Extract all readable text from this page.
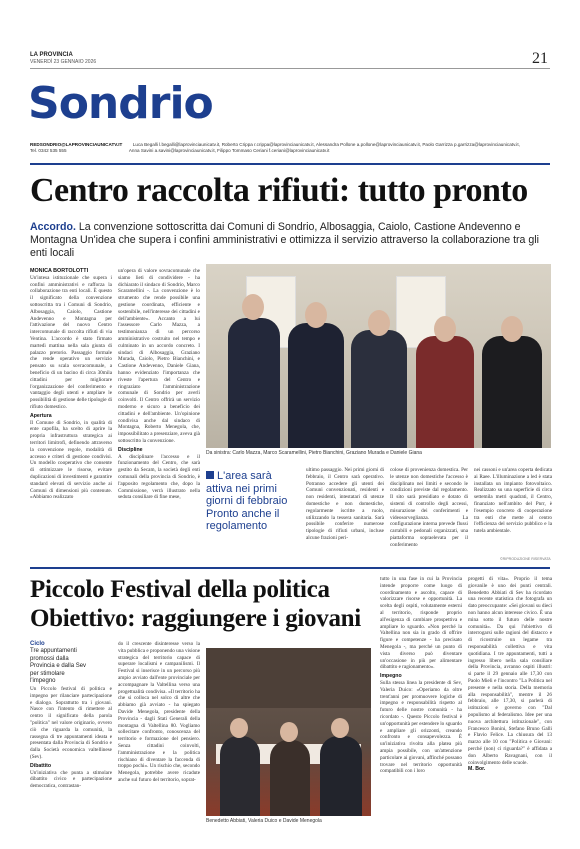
LA PROVINCIA
VENERDÌ 23 GENNAIO 2026	21
Sondrio
REDSONDRIO@LAPROVINCIAUNICATV.IT Luca Begalli l.begalli@laprovinciaunicatv.it, Roberto Crippa r.crippa@laprovinciaunicatv.it, Alessandra Pollone a.pollone@laprovinciaunicatv.it, Paolo Garrizza p.garrizza@laprovinciaunicatv.it,
Tel. 0342 535 555	Anna Savini a.savini@laprovinciaunicatv.it, Filippo Tommaso Ceriani f.ceriani@laprovinciaunicatv.it
Centro raccolta rifiuti: tutto pronto
Accordo. La convenzione sottoscritta dai Comuni di Sondrio, Albosaggia, Caiolo, Castione Andevenno e Montagna Un'idea che supera i confini amministrativi e ottimizza il servizio attraverso la collaborazione tra gli enti locali
MONICA BORTOLOTTI
Un'intesa istituzionale che supera i confini amministrativi e rafforza la collaborazione tra enti locali. È questo il significato della convenzione sottoscritta tra i Comuni di Sondrio, Albosaggia, Caiolo, Castione Andevenno e Montagna per l'attivazione del nuovo Centro intercomunale di raccolta rifiuti di via Ventina. L'accordo è stato firmato martedì mattina nella sala giunta di palazzo pretorio. Passaggio formale che rende operativo un servizio pensato su scala sovracomunale, a beneficio di un bacino di circa 30mila cittadini per migliorare l'organizzazione del conferimento e vantaggio degli utenti e ampliare le possibilità di gestione delle tipologie di rifiuto domestico.
Apertura
Il Comune di Sondrio, in qualità di ente capofila, ha scelto di aprire la propria infrastruttura strategica ai territori limitrofi, definendo attraverso la convenzione regole, modalità di accesso e criteri di gestione condivisi. Un modello cooperativo che consente di ottimizzare le risorse, evitare duplicazioni di investimenti e garantire standard elevati di servizio anche ai Comuni di dimensioni più contenute. «Abbiamo realizzato
un'opera di valore sovracomunale che siamo lieti di condividere - ha dichiarato il sindaco di Sondrio, Marco Scaramellini -. La convenzione è lo strumento che rende possibile una gestione coordinata, efficiente e sostenibile, nell'interesse dei cittadini e dell'ambiente». Accanto a lui l'assessore Carlo Mazza, a testimonianza di un percorso amministrativo costruito nel tempo e culminato in un accordo concreto. I sindaci di Albosaggia, Graziano Murada, Caiolo, Pietro Bianchini, e Castione Andevenno, Daniele Giana, hanno evidenziato l'importanza che riveste l'apertura del Centro e ringraziato l'amministrazione comunale di Sondrio per averli coinvolti. Il Centro offrirà un servizio moderno e sicuro a beneficio dei cittadini e dell'ambiente. Un'opinione condivisa anche dal sindaco di Montagna, Roberto Menegola, che, impossibilitato a presenziare, aveva già sottoscritto la convenzione.
Discipline
A disciplinare l'accesso e il funzionamento del Centro, che sarà gestito da Secam, la società degli enti comunali della provincia di Sondrio, è l'apposito regolamento che, dopo la Commissione, verrà illustrato nella seduta consiliare di fine mese,
Da sinistra: Carlo Mazza, Marco Scaramellini, Pietro Bianchini, Graziano Murada e Daniele Giana
L'area sarà attiva nei primi giorni di febbraio Pronto anche il regolamento
ultimo passaggio. Nei primi giorni di febbraio, il Centro sarà operativo. Potranno accedere gli utenti dei Comuni convenzionati, residenti e non residenti, intestatari di utenze domestiche e non domestiche, regolarmente iscritte a ruolo, utilizzando la tessera sanitaria. Sarà possibile conferire numerose tipologie di rifiuti urbani, incluse alcune frazioni peri-
colose di provenienza domestica. Per le utenze non domestiche l'accesso è disciplinato nei limiti e secondo le condizioni previste dal regolamento. Il sito sarà presidiato e dotato di sistemi di controllo degli accessi, misurazione dei conferimenti e videosorveglianza. La configurazione interna prevede flussi carrabili e pedonali organizzati, una piattaforma sopraelevata per il conferimento
nei cassoni e un'area coperta dedicata ai Raee. L'illuminazione a led è stata installata un impianto fotovoltaico. Realizzato su una superficie di circa settemila metri quadrati, il Centro, finanziato nell'ambito del Pnrr, è l'esempio concreto di cooperazione tra enti che mette al centro l'efficienza del servizio pubblico e la tutela ambientale.
©RIPRODUZIONE RISERVATA
Piccolo Festival della politica
Obiettivo: raggiungere i giovani
Ciclo
Tre appuntamenti promossi dalla Provincia e dalla Sev per stimolare l'impegno
Un Piccolo festival di politica e impegno per rilanciare partecipazione e dialogo. Soprattutto tra i giovani. Nasce con l'intento di rimettere al centro il significato della parola "politica" nel valore originario, ovvero ciò che riguarda la comunità, la rassegna di tre appuntamenti ideata e presentata dalla Provincia di Sondrio e dalla Società economica valtellinese (Sev).
Dibattito
Un'iniziativa che punta a stimolare dibattito civico e partecipazione democratica, contrastan-
do il crescente disinteresse verso la vita pubblica e proponendo una visione strategica del territorio capace di superare localismi e campanilismi. Il Festival si inserisce in un percorso più ampio avviato dall'ente provinciale per accompagnare la Valtellina verso una progettualità condivisa. «Il territorio ha che si colloca nel solco di altre che abbiamo già avviato - ha spiegato Davide Menegola, presidente della Provincia - dagli Stati Generali della montagna di Valtellina 80. Vogliamo sollecitare confronto, conoscenza del territorio e formazione del pensiero. Senza cittadini coinvolti, l'amministrazione e la politica rischiano di diventare la faccenda di troppo pochi». Un rischio che, secondo Menegola, potrebbe avere ricadute anche sul futuro del territorio, soprat-
Benedetto Abbiati, Valeria Duico e Davide Menegola
tutto in una fase in cui la Provincia intende proporre come luogo di coordinamento e ascolto, capace di valorizzare risorse e opportunità. La scelta degli ospiti, volutamente esterni al territorio, risponde proprio all'esigenza di cambiare prospettiva e ampliare lo sguardo. «Non perché la Valtellina non sia in grado di offrire figure e competenze - ha precisato Menegola -, ma perché un punto di vista diverso può diventare un'occasione in più per alimentare dibattito e ragionamento».
Impegno
Sulla stessa linea la presidente di Sev, Valeria Duico: «Operiamo da oltre trent'anni per promuovere logiche di impegno e responsabilità rispetto al futuro delle nostre comunità - ha ricordato -. Questo Piccolo festival è un'opportunità per estendere lo sguardo e ampliare gli orizzonti, creando confronto e consapevolezza. È un'iniziativa rivolta alla platea più ampia possibile, con un'attenzione particolare ai giovani, affinché possano trovare nel territorio opportunità compatibili con i loro
progetti di vita». Proprio il tema giovanile è uno dei punti centrali. Benedetto Abbiati di Sev ha ricordato una recente statistica che fotografa un dato preoccupante: «Sei giovani su dieci non hanno alcun interesse civico. È una mina sotto il futuro delle nostre comunità». Da qui l'obiettivo di interrogarsi sulle ragioni del distacco e di ricostruire un legame tra responsabilità collettiva e vita quotidiana. I tre appuntamenti, tutti a ingresso libero nella sala consiliare della Provincia, avranno ospiti illustri: si parte il 29 gennaio alle 17,30 con Paolo Mieli e l'incontro "La Politica nel presente e nella storia. Della memoria alla responsabilità", mentre il 26 febbraio, alle 17,30, si parlerà di istituzioni e governo con "Dal populismo al federalismo. Idee per una nuova architettura istituzionale", con Francesco Bonini, Stefano Bruno Galli e Flavio Felice. La chiusura del 13 marzo alle 10 con "Politica e Giovani: perché (non) ci riguarda?" è affidata a don Alberto Ravagnani, con il coinvolgimento delle scuole.
M. Bor.
